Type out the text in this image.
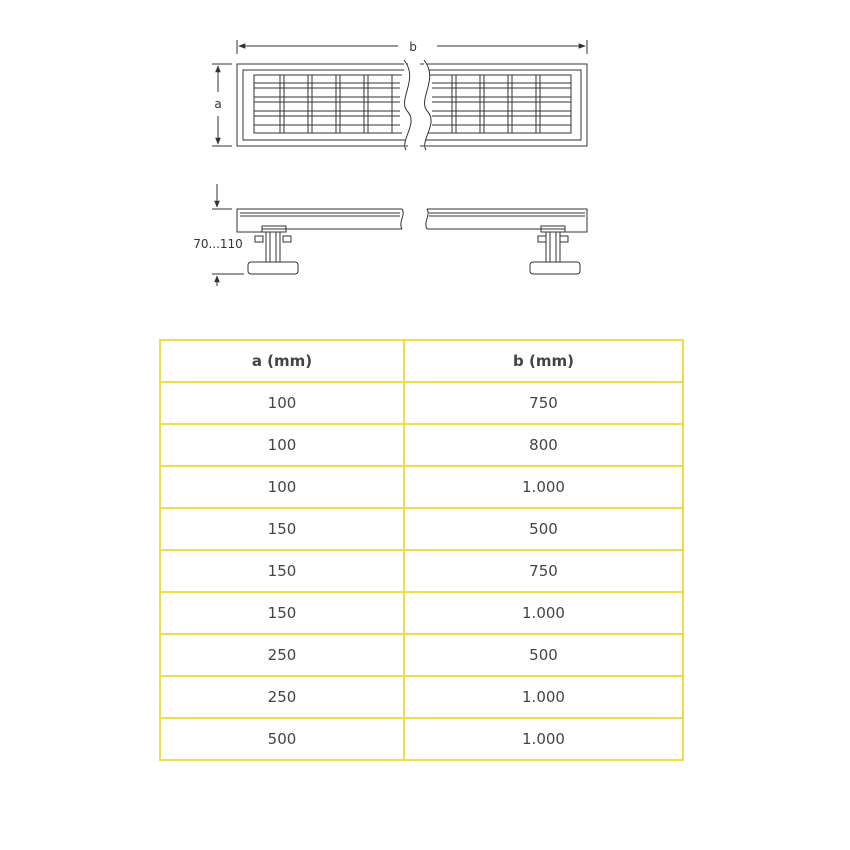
b
a
70...110
a (mm)	b (mm)
100	750
100	800
100	1.000
150	500
150	750
150	1.000
250	500
250	1.000
500	1.000
